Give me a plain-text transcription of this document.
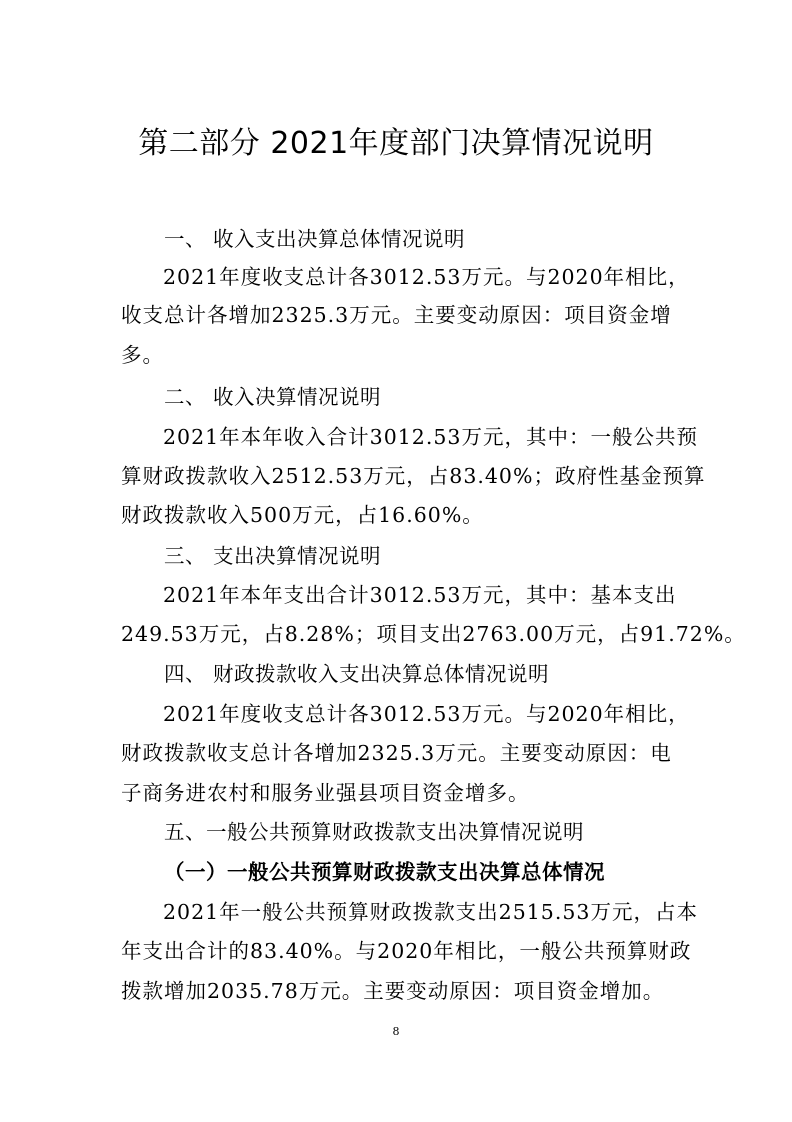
第二部分 2021年度部门决算情况说明
一、 收入支出决算总体情况说明
2021年度收支总计各3012.53万元。与2020年相比，
收支总计各增加2325.3万元。主要变动原因：项目资金增
多。
二、 收入决算情况说明
2021年本年收入合计3012.53万元，其中：一般公共预
算财政拨款收入2512.53万元，占83.40%；政府性基金预算
财政拨款收入500万元，占16.60%。
三、 支出决算情况说明
2021年本年支出合计3012.53万元，其中：基本支出
249.53万元，占8.28%；项目支出2763.00万元，占91.72%。
四、 财政拨款收入支出决算总体情况说明
2021年度收支总计各3012.53万元。与2020年相比，
财政拨款收支总计各增加2325.3万元。主要变动原因：电
子商务进农村和服务业强县项目资金增多。
五、一般公共预算财政拨款支出决算情况说明
（一）一般公共预算财政拨款支出决算总体情况
2021年一般公共预算财政拨款支出2515.53万元，占本
年支出合计的83.40%。与2020年相比，一般公共预算财政
拨款增加2035.78万元。主要变动原因：项目资金增加。
8
